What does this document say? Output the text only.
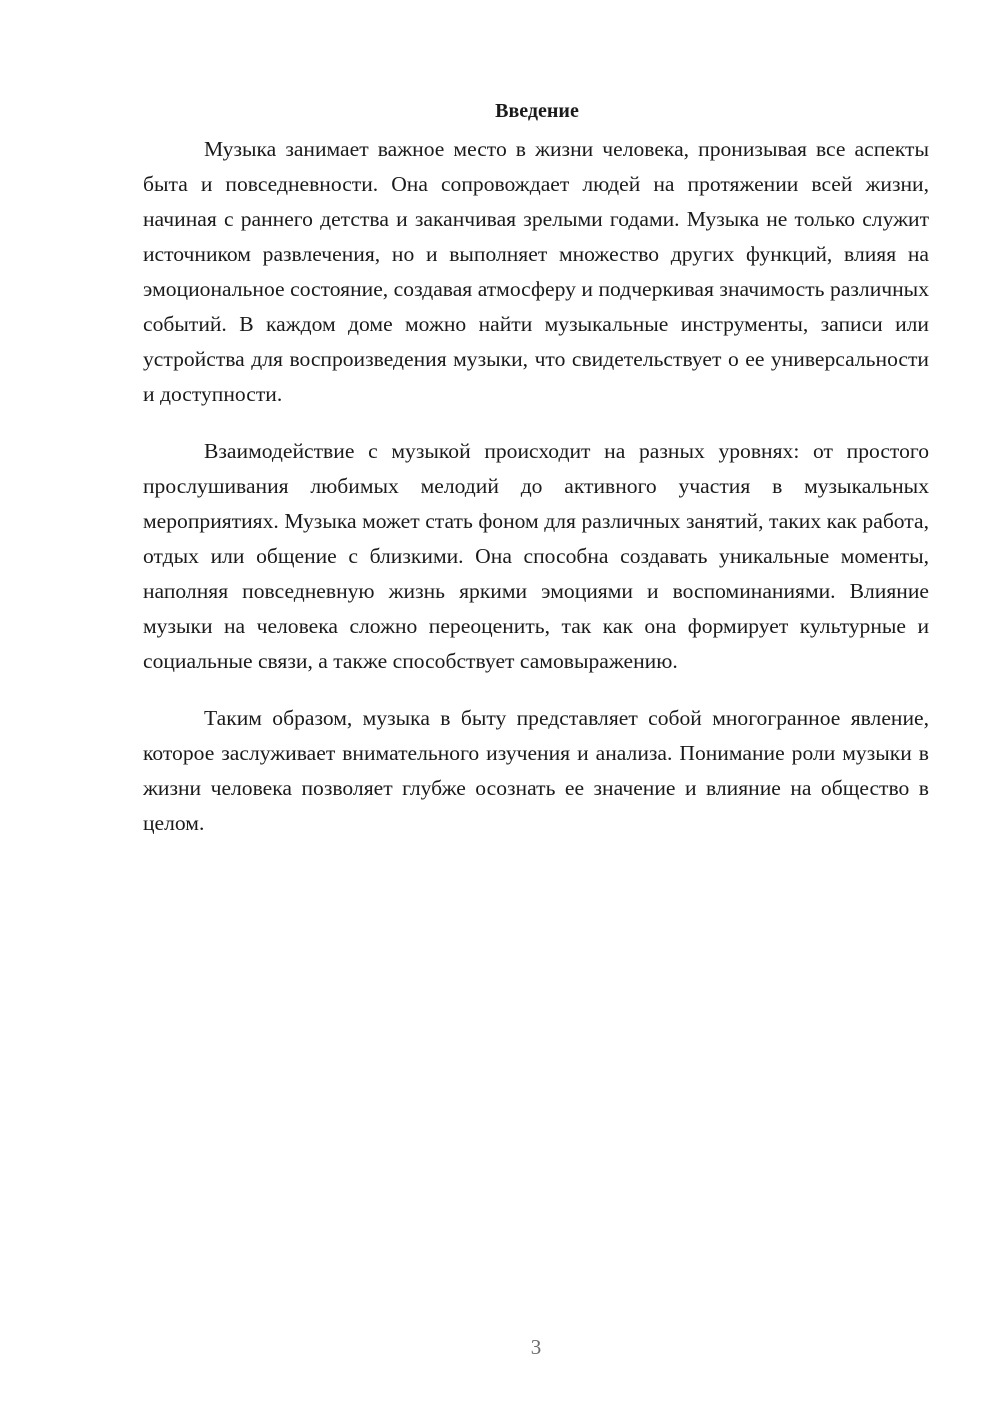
Введение

Музыка занимает важное место в жизни человека, пронизывая все аспекты быта и повседневности. Она сопровождает людей на протяжении всей жизни, начиная с раннего детства и заканчивая зрелыми годами. Музыка не только служит источником развлечения, но и выполняет множество других функций, влияя на эмоциональное состояние, создавая атмосферу и подчеркивая значимость различных событий. В каждом доме можно найти музыкальные инструменты, записи или устройства для воспроизведения музыки, что свидетельствует о ее универсальности и доступности.

Взаимодействие с музыкой происходит на разных уровнях: от простого прослушивания любимых мелодий до активного участия в музыкальных мероприятиях. Музыка может стать фоном для различных занятий, таких как работа, отдых или общение с близкими. Она способна создавать уникальные моменты, наполняя повседневную жизнь яркими эмоциями и воспоминаниями. Влияние музыки на человека сложно переоценить, так как она формирует культурные и социальные связи, а также способствует самовыражению.

Таким образом, музыка в быту представляет собой многогранное явление, которое заслуживает внимательного изучения и анализа. Понимание роли музыки в жизни человека позволяет глубже осознать ее значение и влияние на общество в целом.

3
